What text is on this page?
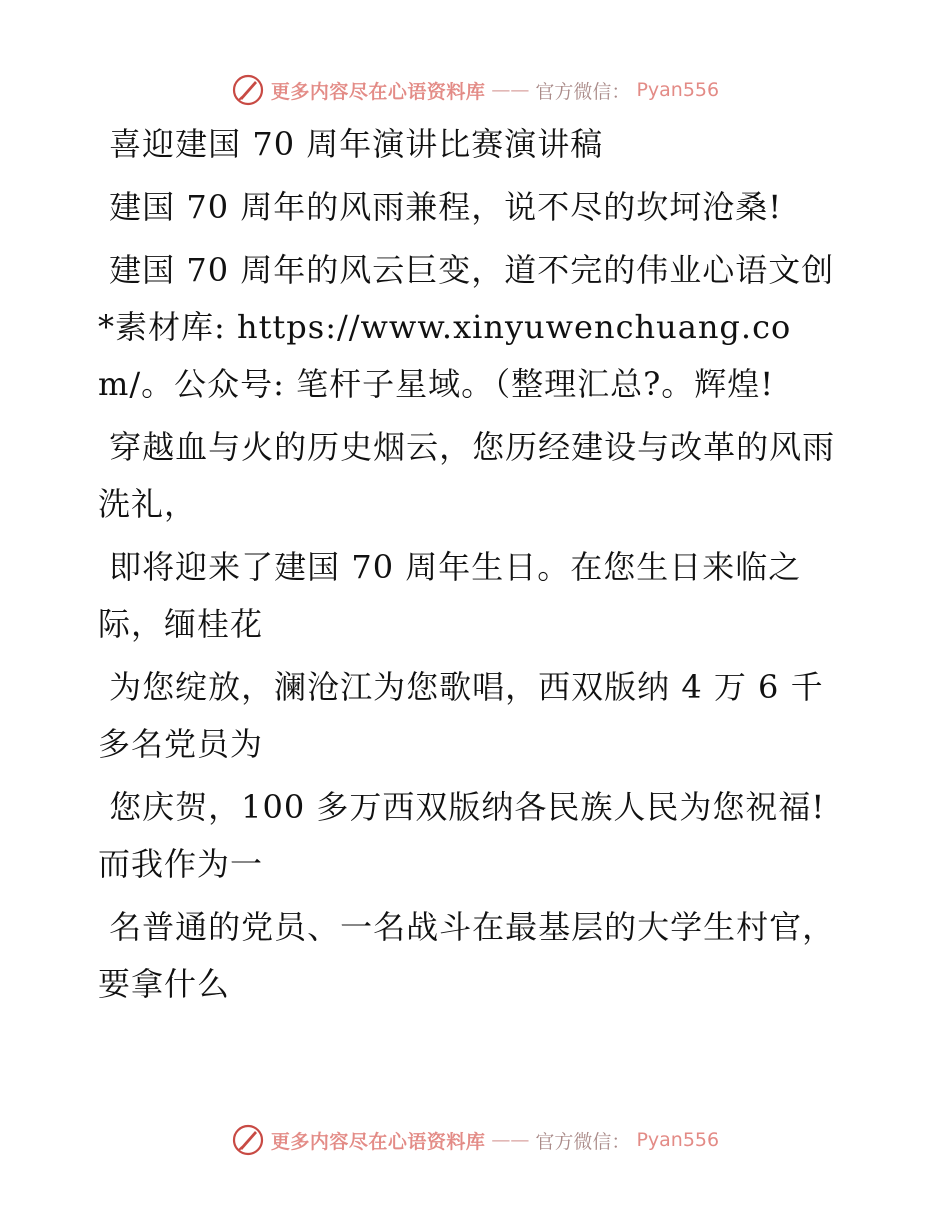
更多内容尽在心语资料库 —— 官方微信： Pyan556

喜迎建国 70 周年演讲比赛演讲稿

建国 70 周年的风雨兼程，说不尽的坎坷沧桑!

建国 70 周年的风云巨变，道不完的伟业心语文创*素材库: https://www.xinyuwenchuang.com/。公众号: 笔杆子星域。（整理汇总?。辉煌!

穿越血与火的历史烟云，您历经建设与改革的风雨洗礼，

即将迎来了建国 70 周年生日。在您生日来临之际，缅桂花

为您绽放，澜沧江为您歌唱，西双版纳 4 万 6 千多名党员为

您庆贺，100 多万西双版纳各民族人民为您祝福! 而我作为一

名普通的党员、一名战斗在最基层的大学生村官，要拿什么

更多内容尽在心语资料库 —— 官方微信： Pyan556
